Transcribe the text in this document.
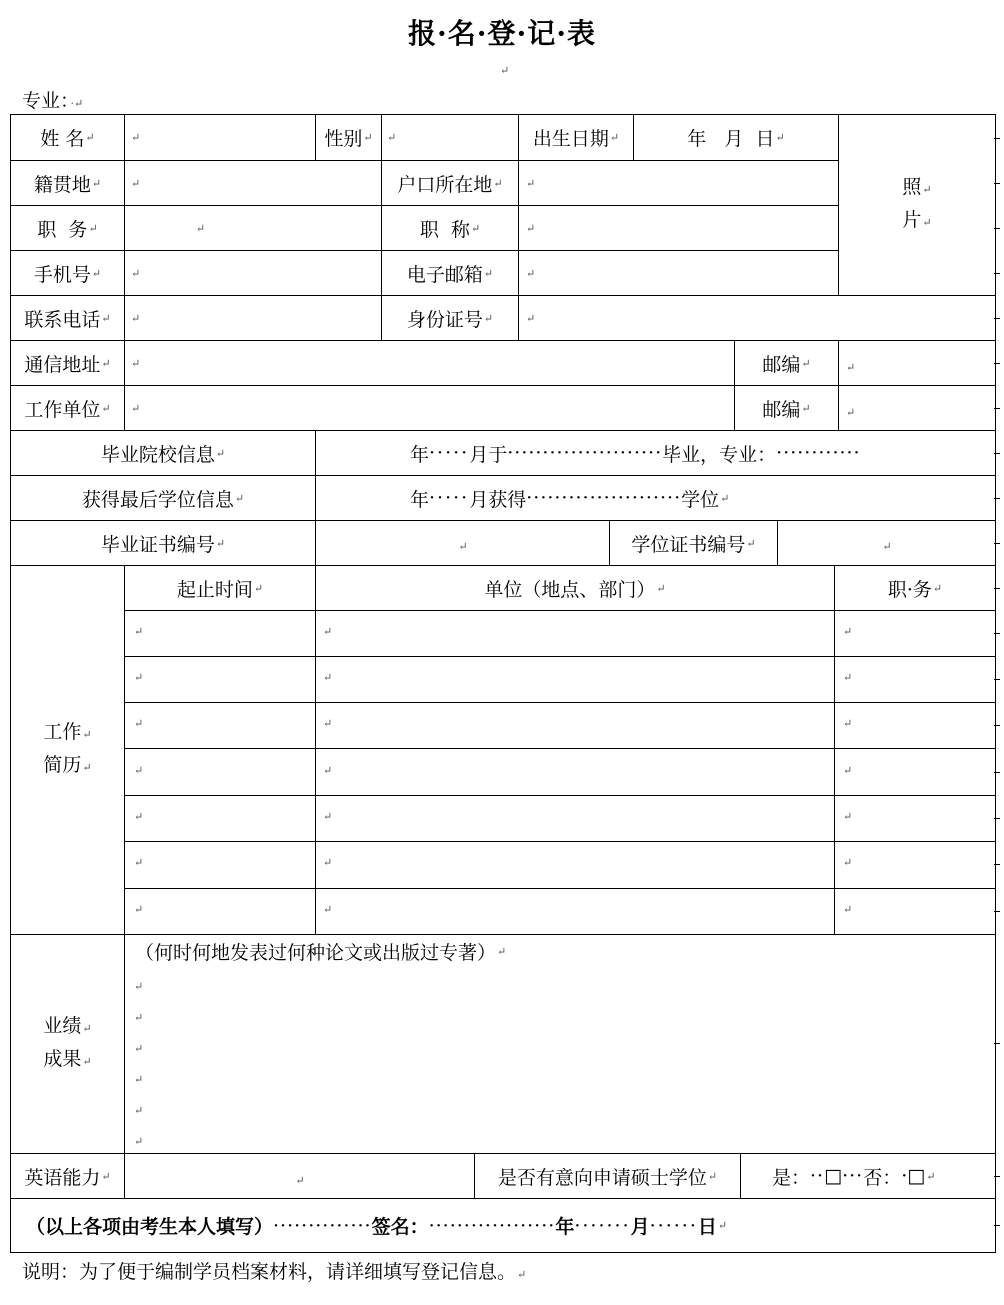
报·名·登·记·表
↵
专业：·↵
姓 名 ↵	↵	性别 ↵ ↵	出生日期 ↵	年   月  日 ↵
照↵
片↵
籍贯地 ↵	↵	户口所在地 ↵ ↵
职  务 ↵	↵	职  称 ↵	↵
手机号 ↵	↵	电子邮箱 ↵	↵
联系电话 ↵ ↵	身份证号 ↵	↵
通信地址 ↵ ↵	邮编 ↵	↵
工作单位 ↵ ↵	邮编 ↵	↵
毕业院校信息 ↵	年 ····· 月于 ······················ 毕业，专业： ············
获得最后学位信息 ↵	年 ····· 月获得 ······················ 学位 ↵
毕业证书编号 ↵	↵	学位证书编号 ↵	↵
工作↵
简历↵
起止时间 ↵	单位（地点、部门） ↵	职·务 ↵
↵	↵	↵
↵	↵	↵
↵	↵	↵
↵	↵	↵
↵	↵	↵
↵	↵	↵
↵	↵	↵
业绩↵
成果↵
（何时何地发表过何种论文或出版过专著） ↵
↵
↵
↵
↵
↵
↵
英语能力 ↵	↵	是否有意向申请硕士学位 ↵	是： ·· □ ··· 否： · □ ↵
（以上各项由考生本人填写） ·············· 签名： ·················· 年 ······· 月 ······ 日 ↵
说明：为了便于编制学员档案材料，请详细填写登记信息。↵
